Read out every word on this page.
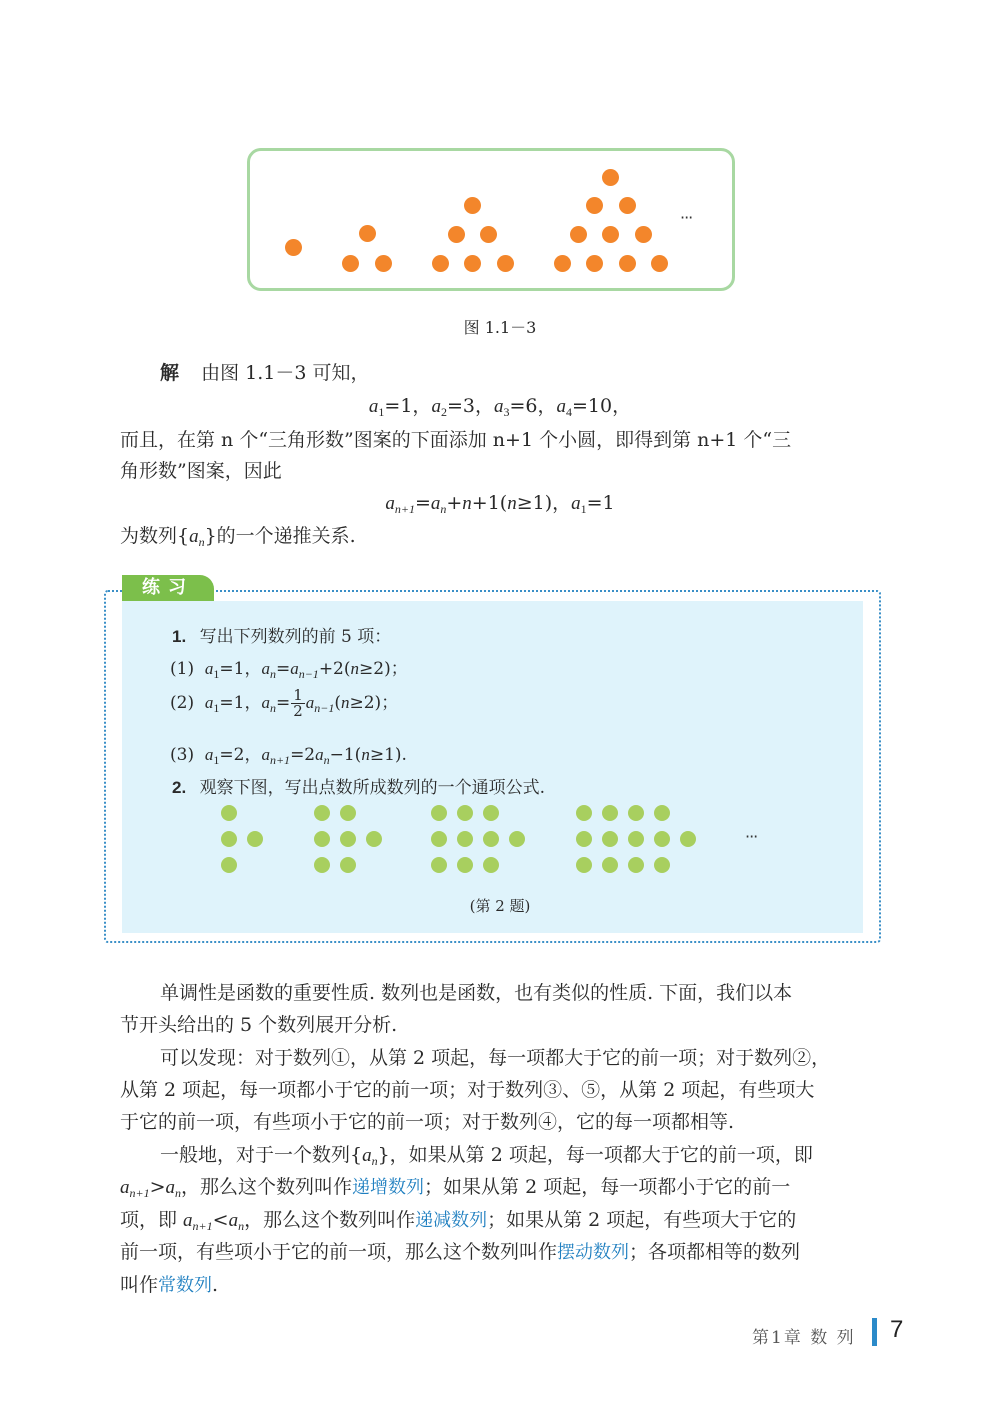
···
图 1.1－3
解 由图 1.1－3 可知，
$a_1=1$，$a_2=3$，$a_3=6$，$a_4=10$，
而且，在第 n 个“三角形数”图案的下面添加 n+1 个小圆，即得到第 n+1 个“三
角形数”图案，因此
$a_{n+1}=a_n+n+1(n\ge 1)$，$a_1=1$
为数列$\{a_n\}$的一个递推关系.
练习
1. 写出下列数列的前 5 项：
(1)  $a_1=1$，$a_n=a_{n-1}+2(n\ge 2)$；
(2)  $a_1=1$，$a_n= \frac{1}{2} a_{n-1}(n\ge 2)$；
(3)  $a_1=2$，$a_{n+1}=2a_n-1(n\ge 1)$.
2. 观察下图，写出点数所成数列的一个通项公式.
···
(第 2 题)
单调性是函数的重要性质. 数列也是函数，也有类似的性质. 下面，我们以本
节开头给出的 5 个数列展开分析.
可以发现：对于数列①，从第 2 项起，每一项都大于它的前一项；对于数列②，
从第 2 项起，每一项都小于它的前一项；对于数列③、⑤，从第 2 项起，有些项大
于它的前一项，有些项小于它的前一项；对于数列④，它的每一项都相等.
一般地，对于一个数列$\{a_n\}$，如果从第 2 项起，每一项都大于它的前一项，即
$a_{n+1}>a_n$，那么这个数列叫作递增数列；如果从第 2 项起，每一项都小于它的前一
项，即 $a_{n+1}<a_n$，那么这个数列叫作递减数列；如果从第 2 项起，有些项大于它的
前一项，有些项小于它的前一项，那么这个数列叫作摆动数列；各项都相等的数列
叫作常数列.
第1章 数 列 7
